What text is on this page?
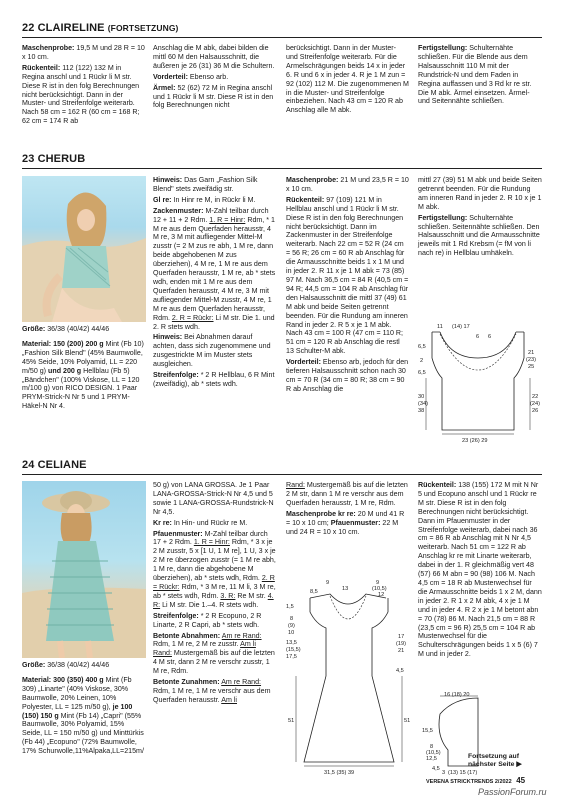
22 CLAIRELINE (FORTSETZUNG)

Maschenprobe: 19,5 M und 28 R = 10 x 10 cm.

Rückenteil: 112 (122) 132 M in Regina anschl und 1 Rückr li M str. Diese R ist in den folg Berechnungen nicht berücksichtigt. Dann in der Muster- und Streifenfolge weiterarb. Nach 58 cm = 162 R (60 cm = 168 R; 62 cm = 174 R ab

Anschlag die M abk, dabei bilden die mittl 60 M den Halsausschnitt, die äußeren je 26 (31) 36 M die Schultern.

Vorderteil: Ebenso arb.

Ärmel: 52 (62) 72 M in Regina anschl und 1 Rückr li M str. Diese R ist in den folg Berechnungen nicht

berücksichtigt. Dann in der Muster- und Streifenfolge weiterarb. Für die Armelschrägungen beids 14 x in jeder 6. R und 6 x in jeder 4. R je 1 M zun = 92 (102) 112 M. Die zugenommenen M in die Muster- und Streifenfolge einbeziehen. Nach 43 cm = 120 R ab Anschlag alle M abk.

Fertigstellung: Schulternähte schließen. Für die Blende aus dem Halsausschnitt 110 M mit der Rundstrick-N und dem Faden in Regina auffassen und 3 Rd kr re str. Die M abk. Ärmel einsetzen. Ärmel- und Seitennähte schließen.

23 CHERUB

Größe: 36/38 (40/42) 44/46

Material: 150 (200) 200 g Mint (Fb 10) „Fashion Silk Blend" (45% Baumwolle, 45% Seide, 10% Polyamid, LL = 220 m/50 g) und 200 g Hellblau (Fb 5) „Bändchen" (100% Viskose, LL = 120 m/100 g) von RICO DESIGN. 1 Paar PRYM-Strick-N Nr 5 und 1 PRYM-Häkel-N Nr 4.

Hinweis: Das Garn „Fashion Silk Blend" stets zweifädig str.

Gl re: In Hinr re M, in Rückr li M.

Zackenmuster: M-Zahl teilbar durch 12 + 11 + 2 Rdm. 1. R = Hinr: Rdm, * 1 M re aus dem Querfaden herausstr, 4 M re, 3 M mit aufliegender Mittel-M zusstr (= 2 M zus re abh, 1 M re, dann beide abgehobenen M zus überziehen), 4 M re, 1 M re aus dem Querfaden herausstr, 1 M re, ab * stets wdh, enden mit 1 M re aus dem Querfaden herausstr, 4 M re, 3 M mit aufliegender Mittel-M zusstr, 4 M re, 1 M re aus dem Querfaden herausstr, Rdm. 2. R = Rückr: Li M str. Die 1. und 2. R stets wdh.

Hinweis: Bei Abnahmen darauf achten, dass sich zugenommene und zusgestrickte M im Muster stets ausgleichen.

Streifenfolge: * 2 R Hellblau, 6 R Mint (zweifädig), ab * stets wdh.

Maschenprobe: 21 M und 23,5 R = 10 x 10 cm.

Rückenteil: 97 (109) 121 M in Hellblau anschl und 1 Rückr li M str. Diese R ist in den folg Berechnungen nicht berücksichtigt. Dann im Zackenmuster in der Streifenfolge weiterarb. Nach 22 cm = 52 R (24 cm = 56 R; 26 cm = 60 R ab Anschlag für die Armausschnitte beids 1 x 1 M und in jeder 2. R 11 x je 1 M abk = 73 (85) 97 M. Nach 36,5 cm = 84 R (40,5 cm = 94 R; 44,5 cm = 104 R ab Anschlag für den Halsausschnitt die mittl 37 (49) 61 M abk und beide Seiten getrennt beenden. Für die Rundung am inneren Rand in jeder 2. R 5 x je 1 M abk. Nach 43 cm = 100 R (47 cm = 110 R; 51 cm = 120 R ab Anschlag die restl 13 Schulter-M abk.

Vorderteil: Ebenso arb, jedoch für den tieferen Halsausschnitt schon nach 30 cm = 70 R (34 cm = 80 R; 38 cm = 90 R ab Anschlag die

mittl 27 (39) 51 M abk und beide Seiten getrennt beenden. Für die Rundung am inneren Rand in jeder 2. R 10 x je 1 M abk.

Fertigstellung: Schulternähte schließen. Seitennähte schließen. Den Halsausschnitt und die Armausschnitte jeweils mit 1 Rd Krebsm (= fM von li nach re) in Hellblau umhäkeln.

11 (14) 17
6 6
6,5
2
6,5
21
(23)
25
30
(34)
38
22
(24)
26
23 (26) 29
24 CELIANE

Größe: 36/38 (40/42) 44/46

Material: 300 (350) 400 g Mint (Fb 309) „Linarte" (40% Viskose, 30% Baumwolle, 20% Leinen, 10% Polyester, LL = 125 m/50 g), je 100 (150) 150 g Mint (Fb 14) „Capri" (55% Baumwolle, 30% Polyamid, 15% Seide, LL = 150 m/50 g) und Minttürkis (Fb 44) „Ecopuno" (72% Baumwolle, 17% Schurwolle,11%Alpaka,LL=215m/

50 g) von LANA GROSSA. Je 1 Paar LANA-GROSSA-Strick-N Nr 4,5 und 5 sowie 1 LANA-GROSSA-Rundstrick-N Nr 4,5.

Kr re: In Hin- und Rückr re M.

Pfauenmuster: M-Zahl teilbar durch 17 + 2 Rdm. 1. R = Hinr: Rdm, * 3 x je 2 M zusstr, 5 x [1 U, 1 M re], 1 U, 3 x je 2 M re überzogen zusstr (= 1 M re abh, 1 M re, dann die abgehobene M überziehen), ab * stets wdh, Rdm. 2. R = Rückr: Rdm, * 3 M re, 11 M li, 3 M re, ab * stets wdh, Rdm. 3. R: Re M str. 4. R: Li M str. Die 1.–4. R stets wdh.

Streifenfolge: * 2 R Ecopuno, 2 R Linarte, 2 R Capri, ab * stets wdh.

Betonte Abnahmen: Am re Rand: Rdm, 1 M re, 2 M re zusstr. Am li Rand: Mustergemäß bis auf die letzten 4 M str, dann 2 M re verschr zusstr, 1 M re, Rdm.

Betonte Zunahmen: Am re Rand: Rdm, 1 M re, 1 M re verschr aus dem Querfaden herausstr. Am li

Rand: Mustergemäß bis auf die letzten 2 M str, dann 1 M re verschr aus dem Querfaden herausstr, 1 M re, Rdm.

Maschenprobe kr re: 20 M und 41 R = 10 x 10 cm; Pfauenmuster: 22 M und 24 R = 10 x 10 cm.

9	9
8,5	13	(10,5)
12
1,5
8
(9)
10
13,5
(15,5)
17,5
17
(19)
21
4,5
51	51
31,5 (35) 39

Rückenteil: 138 (155) 172 M mit N Nr 5 und Ecopuno anschl und 1 Rückr re M str. Diese R ist in den folg Berechnungen nicht berücksichtigt. Dann im Pfauenmuster in der Streifenfolge weiterarb, dabei nach 36 cm = 86 R ab Anschlag mit N Nr 4,5 weiterarb. Nach 51 cm = 122 R ab Anschlag kr re mit Linarte weiterarb, dabei in der 1. R gleichmäßig vert 48 (57) 66 M abn = 90 (98) 106 M. Nach 4,5 cm = 18 R ab Musterwechsel für die Armausschnitte beids 1 x 2 M, dann in jeder 2. R 1 x 2 M abk, 4 x je 1 M und in jeder 4. R 2 x je 1 M betont abn = 70 (78) 86 M. Nach 21,5 cm = 88 R (23,5 cm = 96 R) 25,5 cm = 104 R ab Musterwechsel für die Schulterschrägungen beids 1 x 5 (6) 7 M und in jeder 2.

16 (18) 20
15,5
8
(10,5)
12,5
4,5
3 (13) 15 (17)
Fortsetzung auf nächster Seite ▶
VERENA STRICKTRENDS 2/2022 45
PassionForum.ru
